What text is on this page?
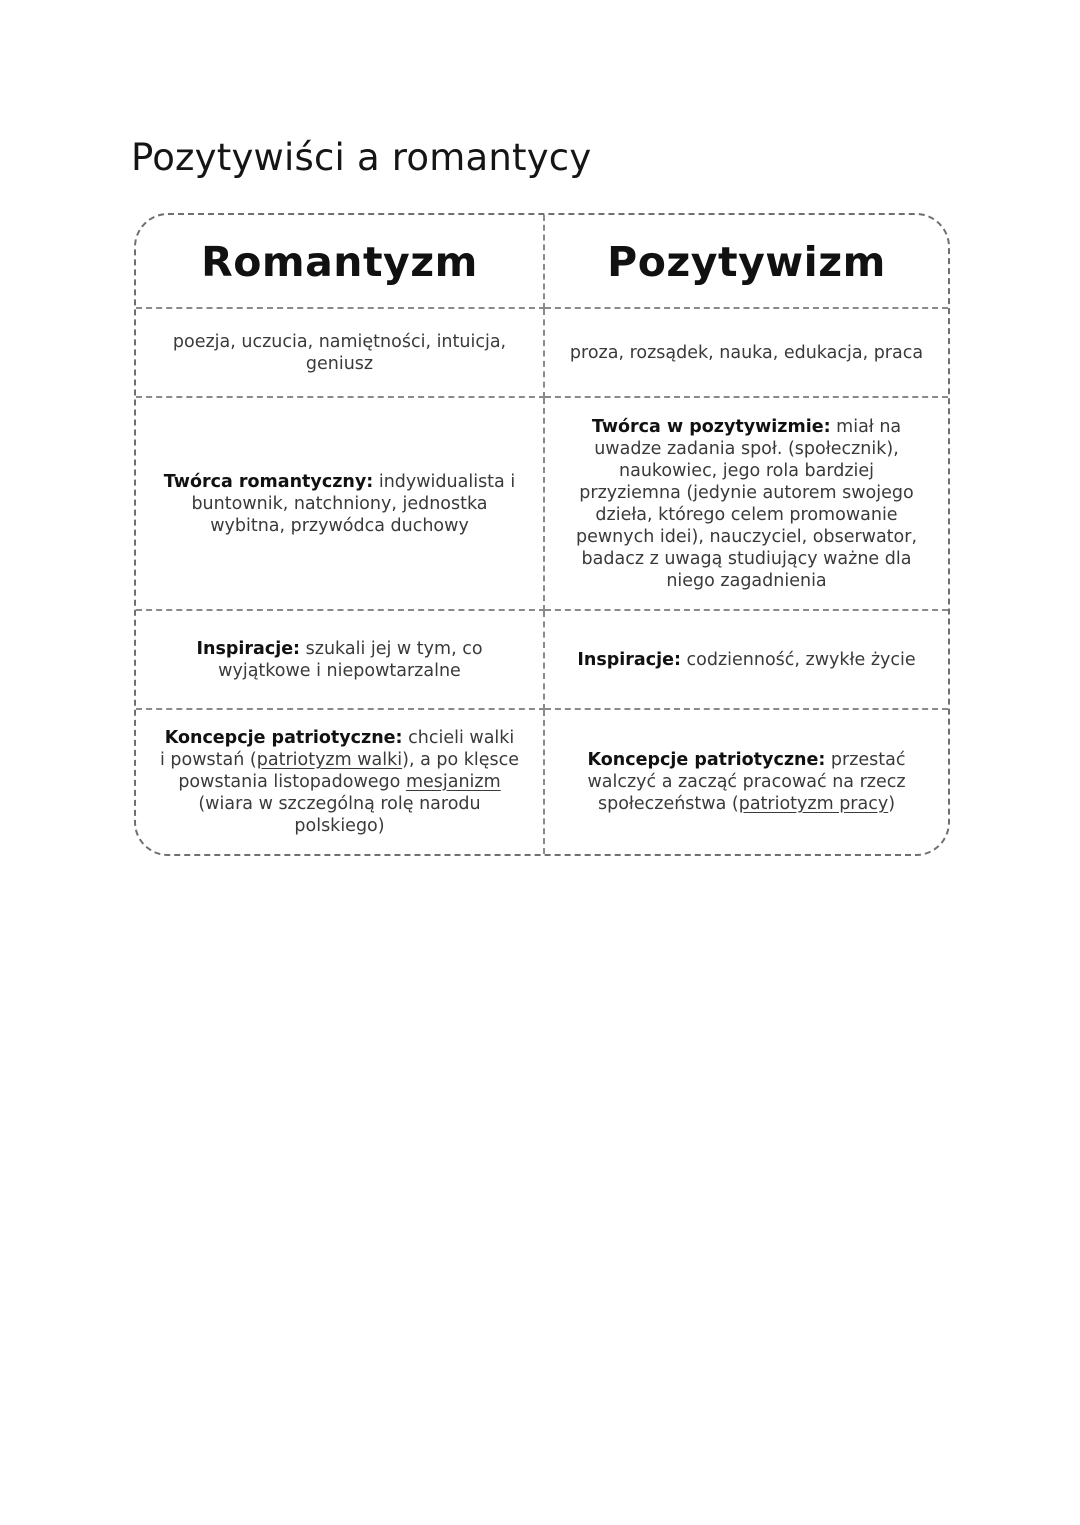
Pozytywiści a romantycy
Romantyzm	Pozytywizm
poezja, uczucia, namiętności, intuicja, geniusz
proza, rozsądek, nauka, edukacja, praca
Twórca romantyczny: indywidualista i buntownik, natchniony, jednostka wybitna, przywódca duchowy
Twórca w pozytywizmie: miał na uwadze zadania społ. (społecznik), naukowiec, jego rola bardziej przyziemna (jedynie autorem swojego dzieła, którego celem promowanie pewnych idei), nauczyciel, obserwator, badacz z uwagą studiujący ważne dla niego zagadnienia
Inspiracje: szukali jej w tym, co wyjątkowe i niepowtarzalne
Inspiracje: codzienność, zwykłe życie
Koncepcje patriotyczne: chcieli walki i powstań (patriotyzm walki), a po klęsce powstania listopadowego mesjanizm (wiara w szczególną rolę narodu polskiego)
Koncepcje patriotyczne: przestać walczyć a zacząć pracować na rzecz społeczeństwa (patriotyzm pracy)
